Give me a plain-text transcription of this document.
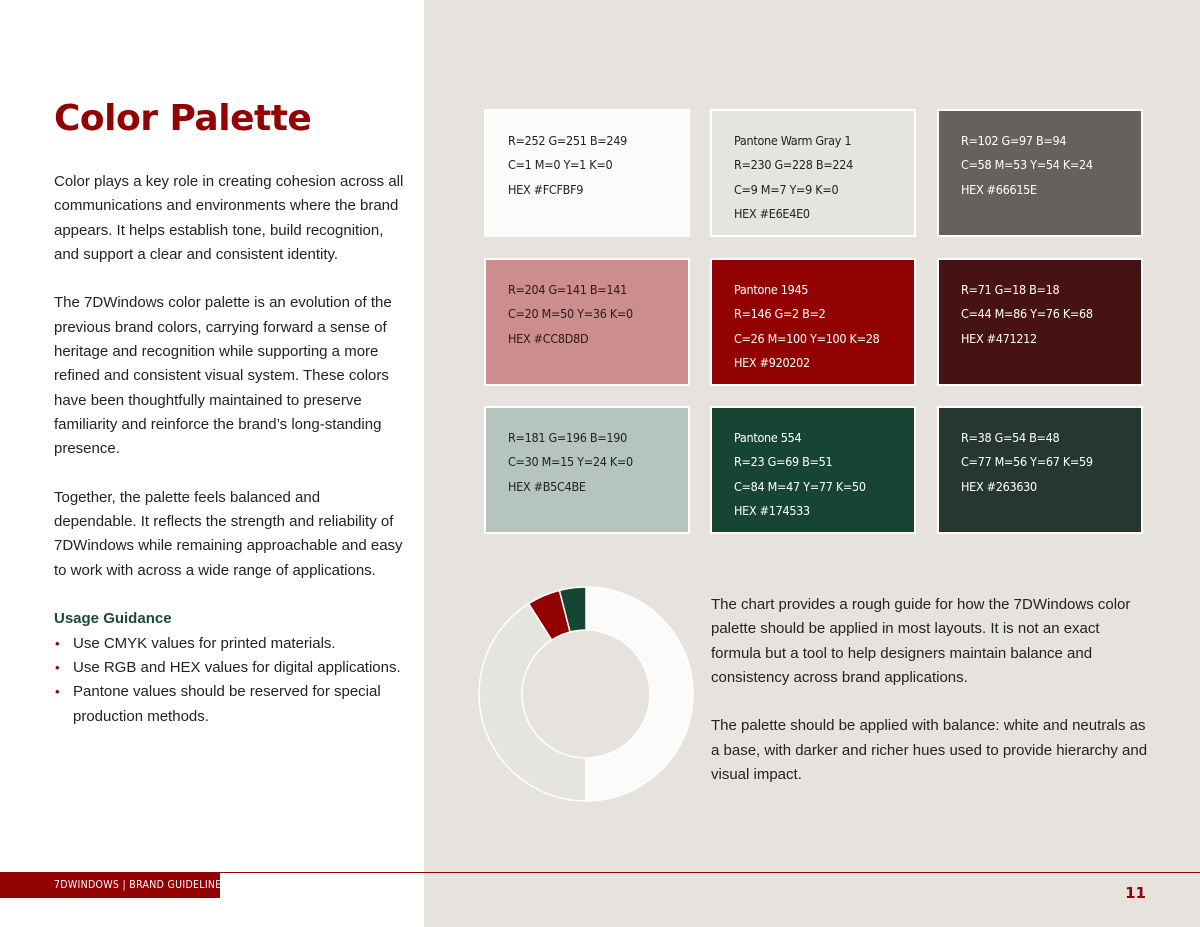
Color Palette

Color plays a key role in creating cohesion across all communications and environments where the brand appears. It helps establish tone, build recognition, and support a clear and consistent identity.

The 7DWindows color palette is an evolution of the previous brand colors, carrying forward a sense of heritage and recognition while supporting a more refined and consistent visual system. These colors have been thoughtfully maintained to preserve familiarity and reinforce the brand’s long-standing presence.

Together, the palette feels balanced and dependable. It reflects the strength and reliability of 7DWindows while remaining approachable and easy to work with across a wide range of applications.

Usage Guidance
• Use CMYK values for printed materials.
• Use RGB and HEX values for digital applications.
• Pantone values should be reserved for special production methods.
R=252 G=251 B=249
C=1 M=0 Y=1 K=0
HEX #FCFBF9
Pantone Warm Gray 1
R=230 G=228 B=224
C=9 M=7 Y=9 K=0
HEX #E6E4E0
R=102 G=97 B=94
C=58 M=53 Y=54 K=24
HEX #66615E
R=204 G=141 B=141
C=20 M=50 Y=36 K=0
HEX #CC8D8D
Pantone 1945
R=146 G=2 B=2
C=26 M=100 Y=100 K=28
HEX #920202
R=71 G=18 B=18
C=44 M=86 Y=76 K=68
HEX #471212
R=181 G=196 B=190
C=30 M=15 Y=24 K=0
HEX #B5C4BE
Pantone 554
R=23 G=69 B=51
C=84 M=47 Y=77 K=50
HEX #174533
R=38 G=54 B=48
C=77 M=56 Y=67 K=59
HEX #263630

The chart provides a rough guide for how the 7DWindows color palette should be applied in most layouts. It is not an exact formula but a tool to help designers maintain balance and consistency across brand applications.

The palette should be applied with balance: white and neutrals as a base, with darker and richer hues used to provide hierarchy and visual impact.

7DWINDOWS | BRAND GUIDELINES	11
